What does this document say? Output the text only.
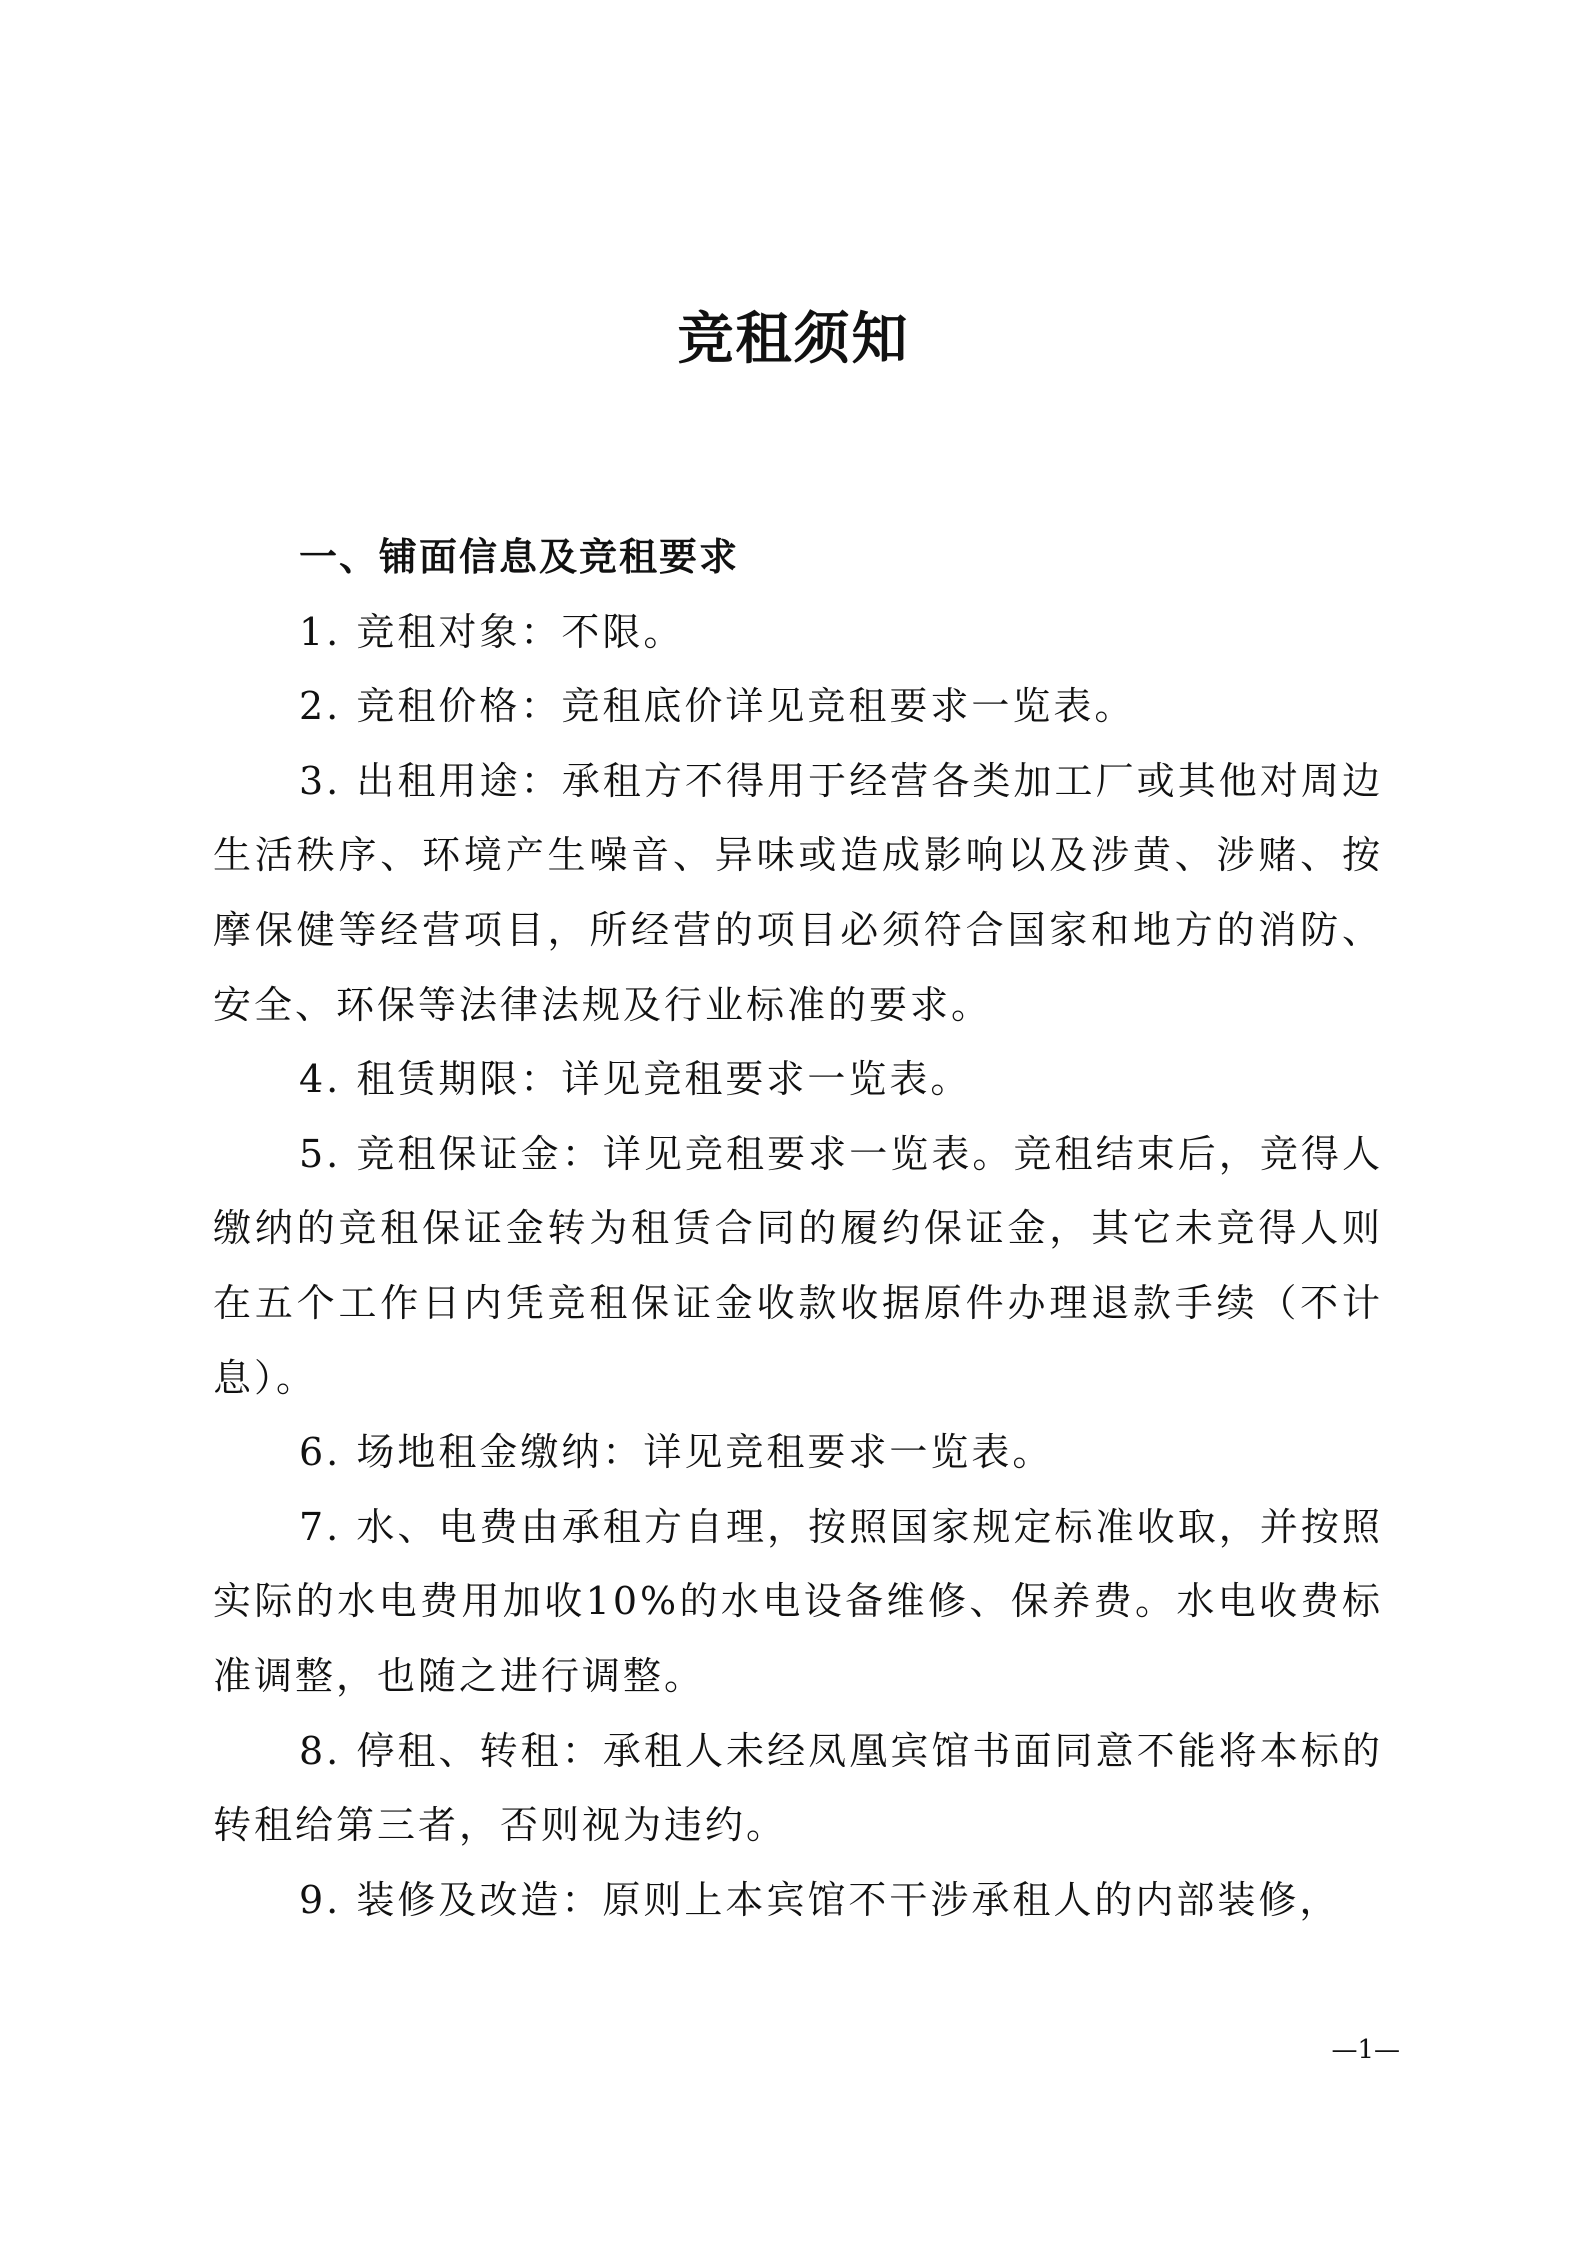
竞租须知
一、铺面信息及竞租要求
1. 竞租对象：不限。
2. 竞租价格：竞租底价详见竞租要求一览表。
3. 出租用途：承租方不得用于经营各类加工厂或其他对周边生活秩序、环境产生噪音、异味或造成影响以及涉黄、涉赌、按摩保健等经营项目，所经营的项目必须符合国家和地方的消防、安全、环保等法律法规及行业标准的要求。
4. 租赁期限：详见竞租要求一览表。
5. 竞租保证金：详见竞租要求一览表。竞租结束后，竞得人缴纳的竞租保证金转为租赁合同的履约保证金，其它未竞得人则在五个工作日内凭竞租保证金收款收据原件办理退款手续（不计息）。
6. 场地租金缴纳：详见竞租要求一览表。
7. 水、电费由承租方自理，按照国家规定标准收取，并按照实际的水电费用加收10%的水电设备维修、保养费。水电收费标准调整，也随之进行调整。
8. 停租、转租：承租人未经凤凰宾馆书面同意不能将本标的转租给第三者，否则视为违约。
9. 装修及改造：原则上本宾馆不干涉承租人的内部装修，
—1—
